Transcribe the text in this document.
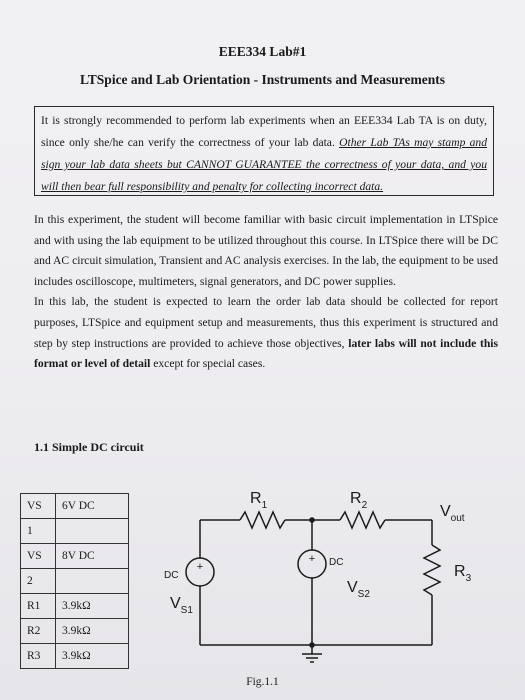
EEE334 Lab#1
LTSpice and Lab Orientation - Instruments and Measurements
It is strongly recommended to perform lab experiments when an EEE334 Lab TA is on duty, since only she/he can verify the correctness of your lab data. Other Lab TAs may stamp and sign your lab data sheets but CANNOT GUARANTEE the correctness of your data, and you will then bear full responsibility and penalty for collecting incorrect data.

In this experiment, the student will become familiar with basic circuit implementation in LTSpice and with using the lab equipment to be utilized throughout this course. In LTSpice there will be DC and AC circuit simulation, Transient and AC analysis exercises. In the lab, the equipment to be used includes oscilloscope, multimeters, signal generators, and DC power supplies.

In this lab, the student is expected to learn the order lab data should be collected for report purposes, LTSpice and equipment setup and measurements, thus this experiment is structured and step by step instructions are provided to achieve those objectives, later labs will not include this format or level of detail except for special cases.

1.1 Simple DC circuit
VS	6V DC
1	
VS	8V DC
2	
R1	3.9kΩ
R2	3.9kΩ
R3	3.9kΩ
+
+
$R_1$	$R_2$	$V_{out}$
$R_3$
DC
DC
$V_{S1}$
$V_{S2}$
Fig.1.1
